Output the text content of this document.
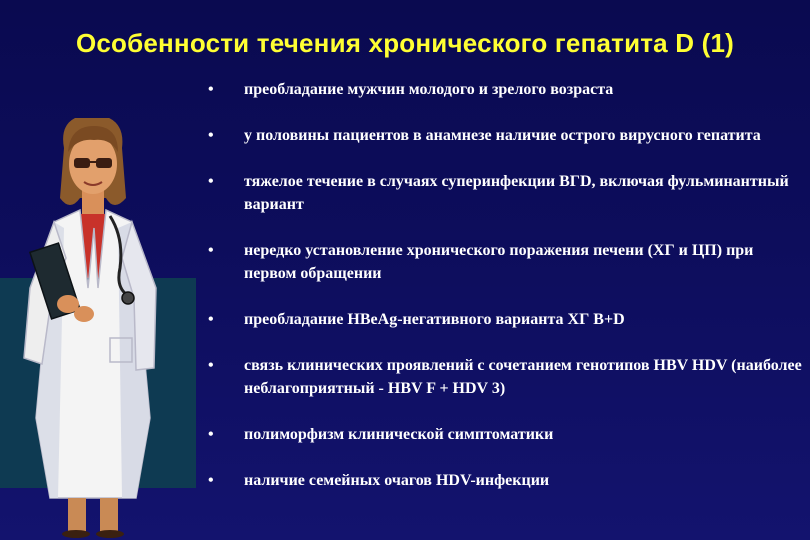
Особенности течения хронического гепатита D (1)
• преобладание мужчин молодого и зрелого возраста
• у половины пациентов в анамнезе наличие острого вирусного гепатита
• тяжелое течение в случаях суперинфекции ВГD, включая фульминантный вариант
• нередко установление хронического поражения печени (ХГ и ЦП) при первом обращении
• преобладание HBeAg-негативного варианта ХГ В+D
• связь клинических проявлений с сочетанием генотипов HBV HDV (наиболее неблагоприятный - HBV F + HDV 3)
• полиморфизм клинической симптоматики
• наличие семейных очагов HDV-инфекции
